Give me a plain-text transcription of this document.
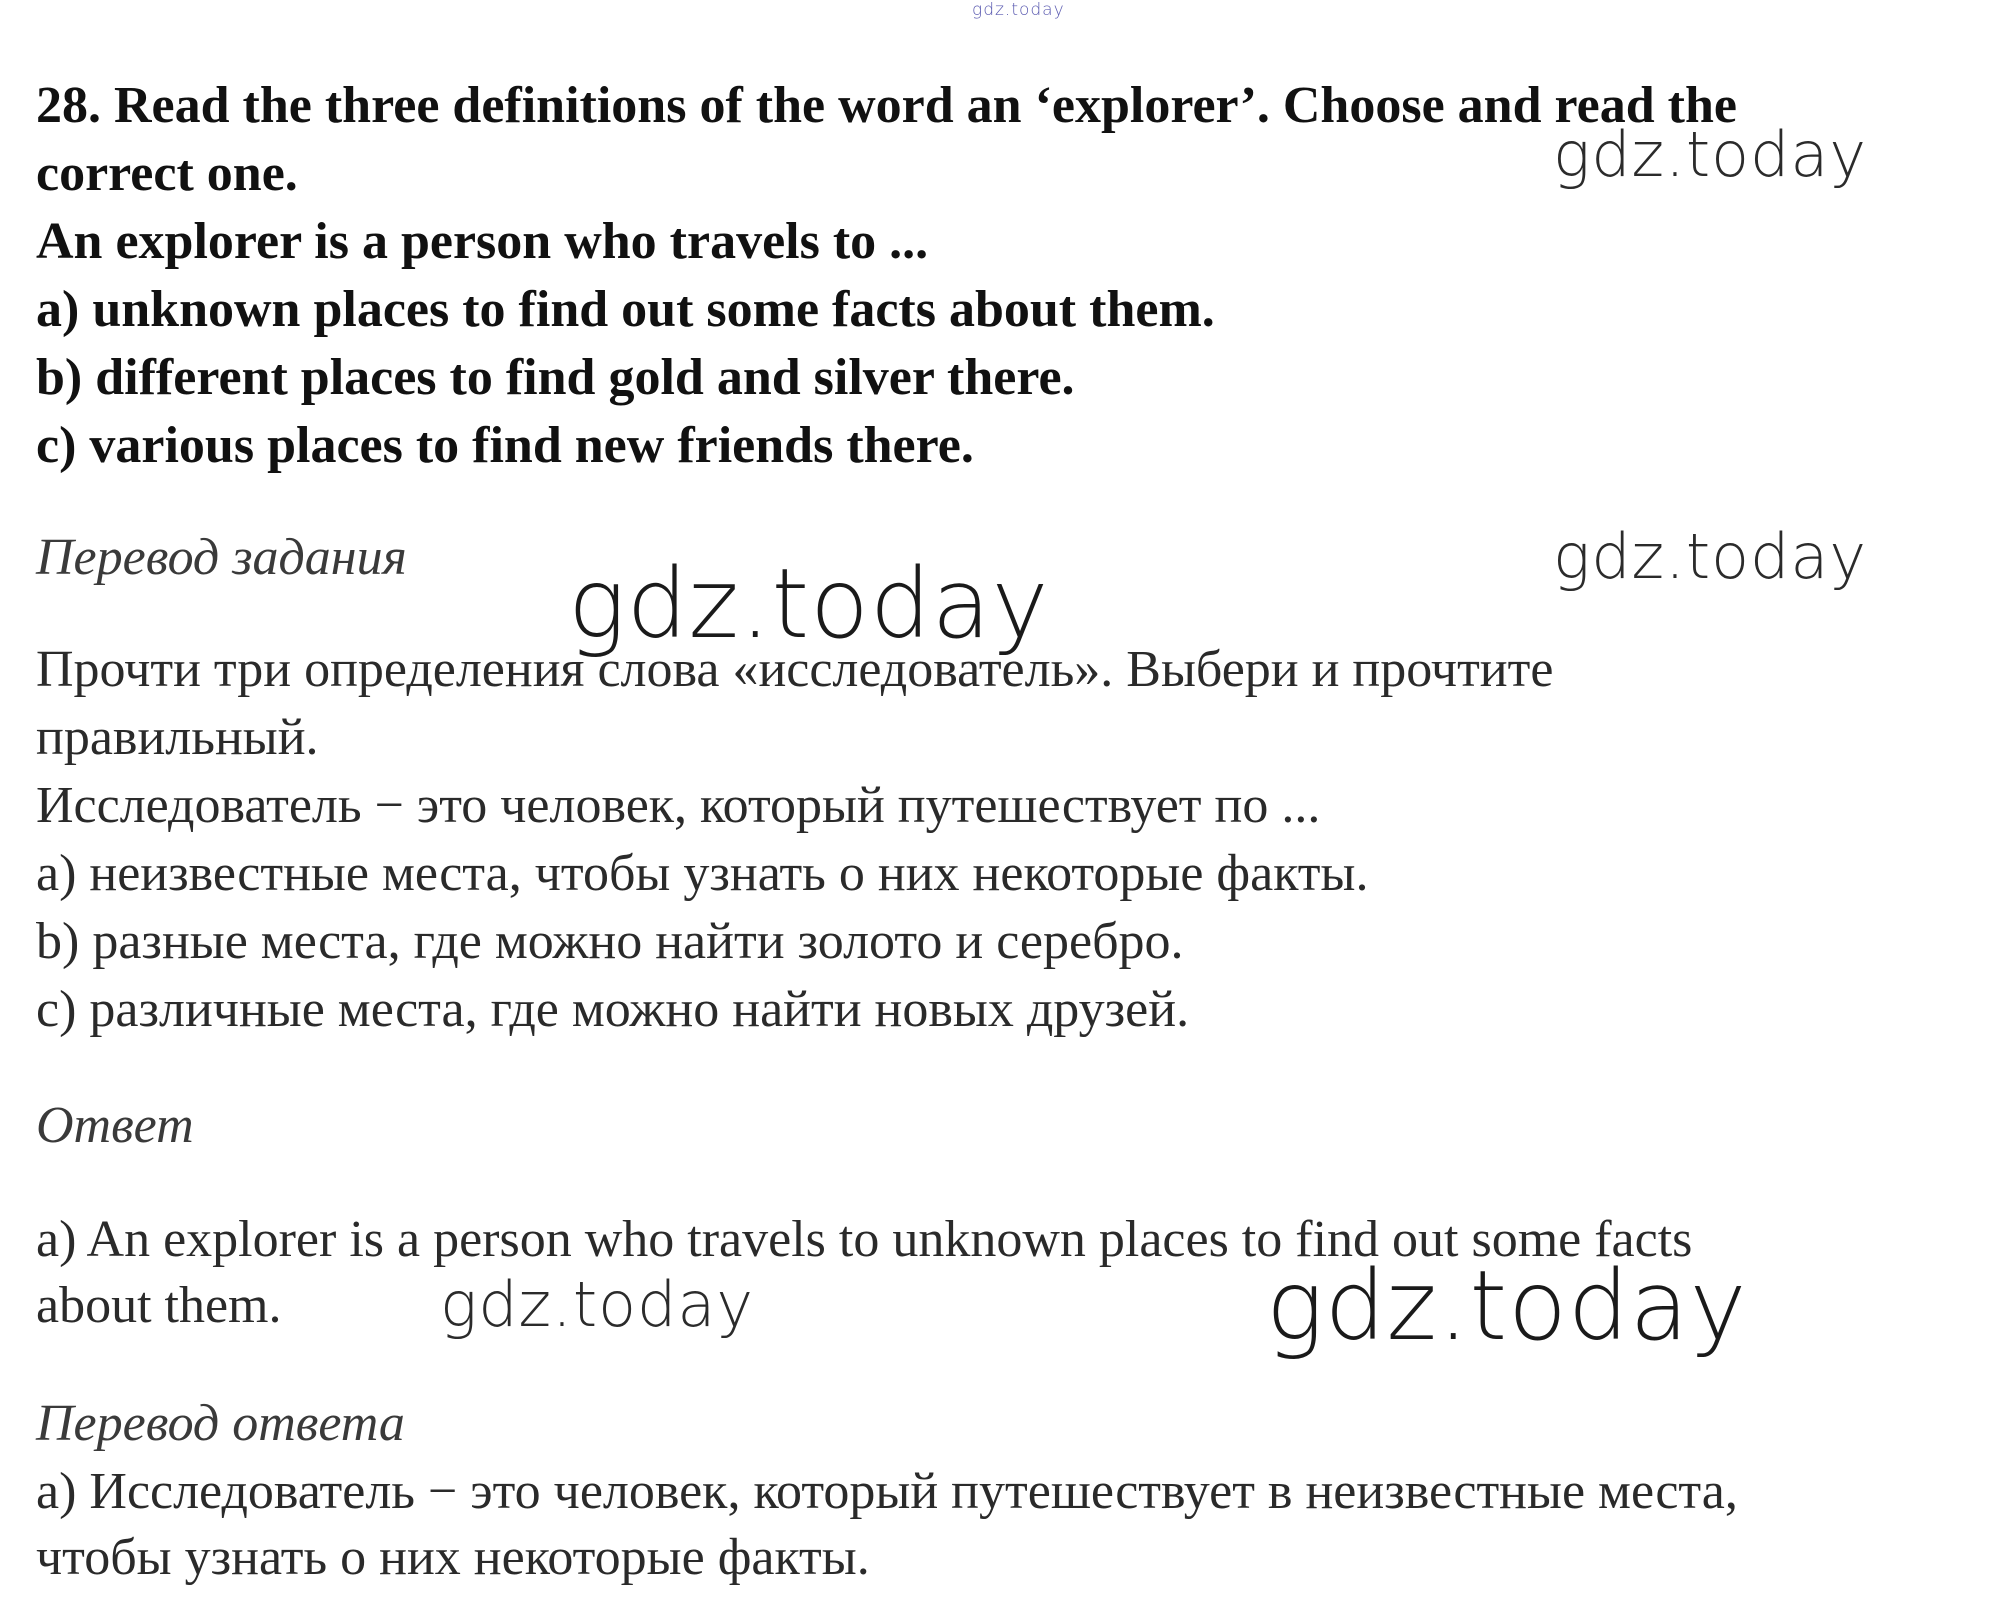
gdz.today

28. Read the three definitions of the word an ‘explorer’. Choose and read the

correct one.

An explorer is a person who travels to ...

a) unknown places to find out some facts about them.

b) different places to find gold and silver there.

c) various places to find new friends there.

Перевод задания

Прочти три определения слова «исследователь». Выбери и прочтите

правильный.

Исследователь − это человек, который путешествует по ...

а) неизвестные места, чтобы узнать о них некоторые факты.

b) разные места, где можно найти золото и серебро.

с) различные места, где можно найти новых друзей.

Ответ

a) An explorer is a person who travels to unknown places to find out some facts

about them.

Перевод ответа

а) Исследователь − это человек, который путешествует в неизвестные места,

чтобы узнать о них некоторые факты.

gdz.today
gdz.today
gdz.today
gdz.today	gdz.today
